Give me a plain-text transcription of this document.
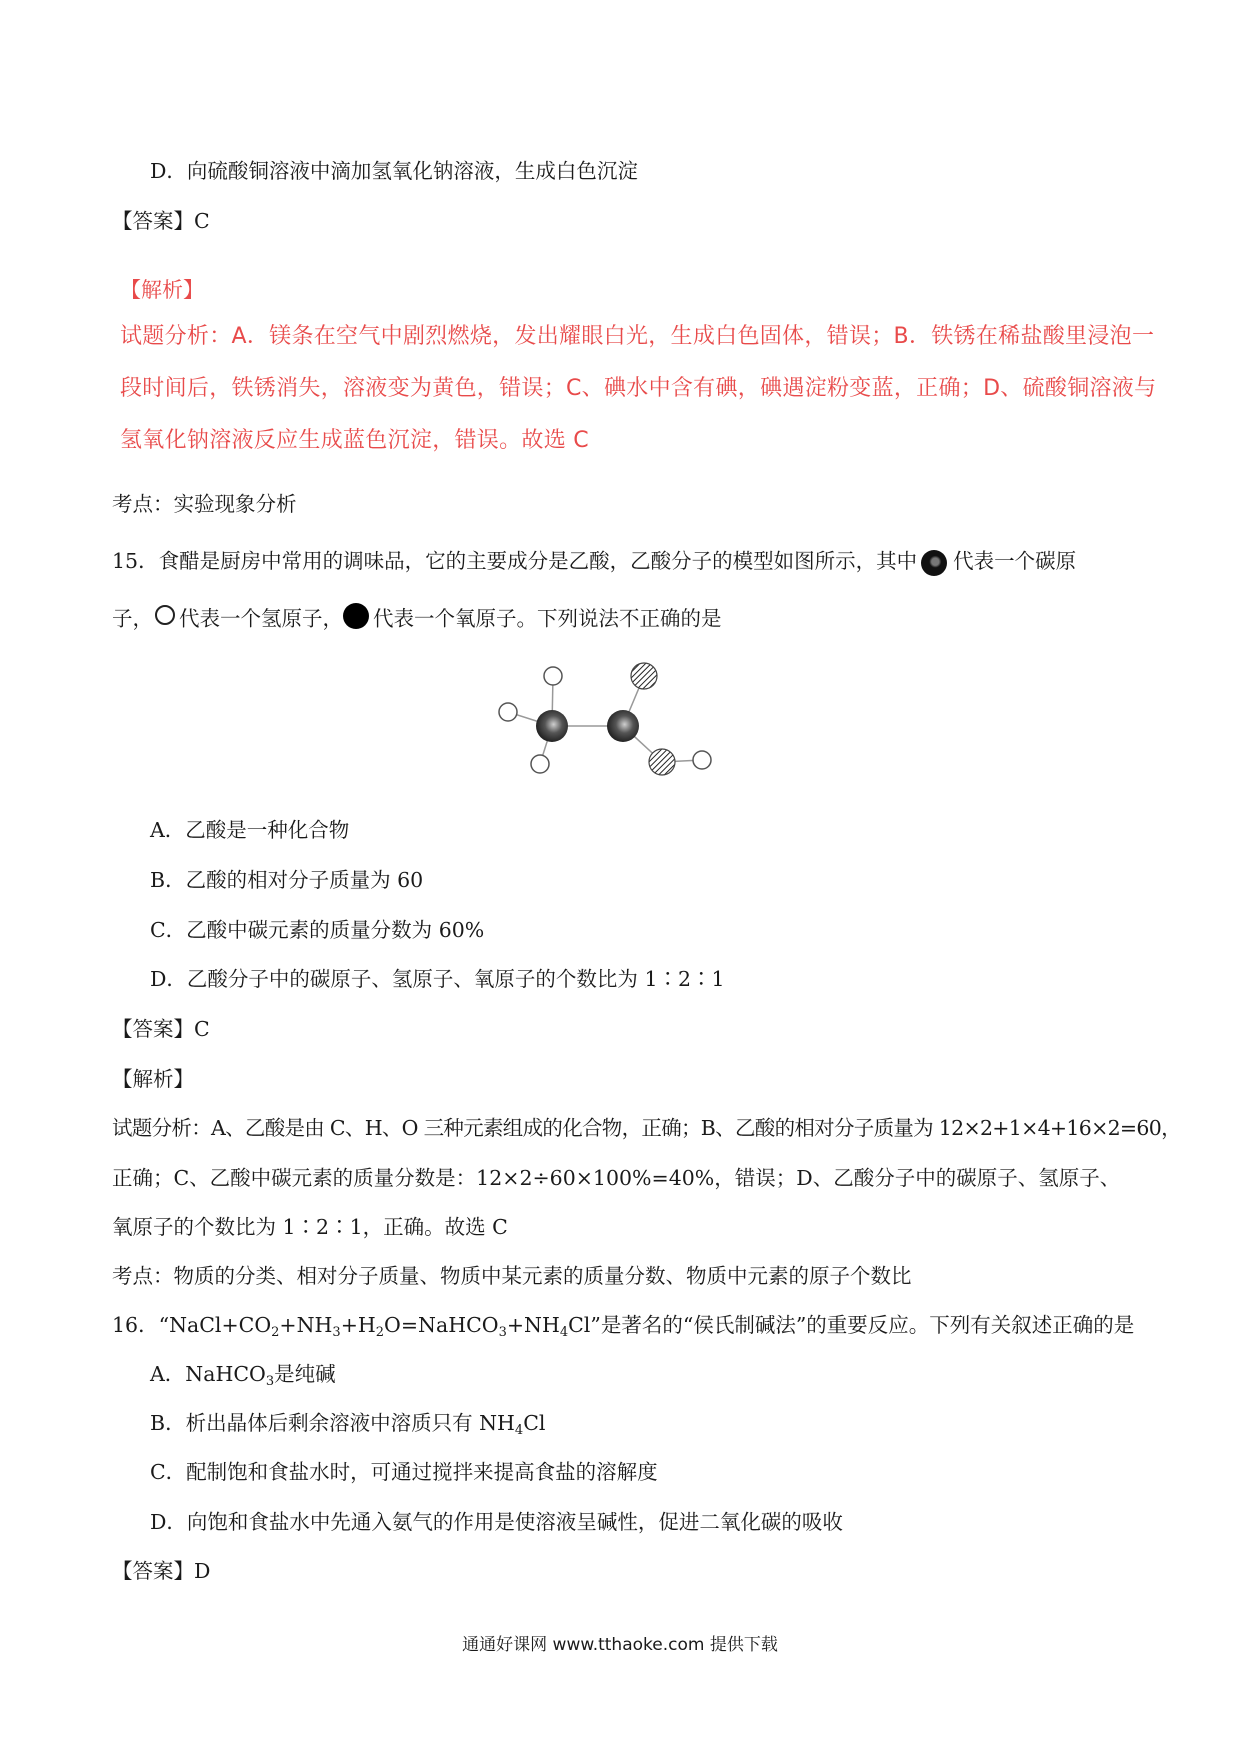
D．向硫酸铜溶液中滴加氢氧化钠溶液，生成白色沉淀
【答案】C
【解析】
试题分析：A．镁条在空气中剧烈燃烧，发出耀眼白光，生成白色固体，错误；B．铁锈在稀盐酸里浸泡一
段时间后，铁锈消失，溶液变为黄色，错误；C、碘水中含有碘，碘遇淀粉变蓝，正确；D、硫酸铜溶液与
氢氧化钠溶液反应生成蓝色沉淀，错误。故选 C
考点：实验现象分析
15．食醋是厨房中常用的调味品，它的主要成分是乙酸，乙酸分子的模型如图所示，其中 代表一个碳原
子， 代表一个氢原子， 代表一个氧原子。下列说法不正确的是
A．乙酸是一种化合物
B．乙酸的相对分子质量为 60
C．乙酸中碳元素的质量分数为 60%
D．乙酸分子中的碳原子、氢原子、氧原子的个数比为 1∶2∶1
【答案】C
【解析】
试题分析：A、乙酸是由 C、H、O 三种元素组成的化合物，正确；B、乙酸的相对分子质量为 12×2+1×4+16×2=60，
正确；C、乙酸中碳元素的质量分数是：12×2÷60×100%=40%，错误；D、乙酸分子中的碳原子、氢原子、
氧原子的个数比为 1∶2∶1，正确。故选 C
考点：物质的分类、相对分子质量、物质中某元素的质量分数、物质中元素的原子个数比
16．“$NaCl+CO_2+NH_3+H_2O=NaHCO_3+NH_4Cl$”是著名的“侯氏制碱法”的重要反应。下列有关叙述正确的是
A．NaHCO$_3$是纯碱
B．析出晶体后剩余溶液中溶质只有 $NH_4Cl$
C．配制饱和食盐水时，可通过搅拌来提高食盐的溶解度
D．向饱和食盐水中先通入氨气的作用是使溶液呈碱性，促进二氧化碳的吸收
【答案】D
通通好课网 www.tthaoke.com 提供下载
